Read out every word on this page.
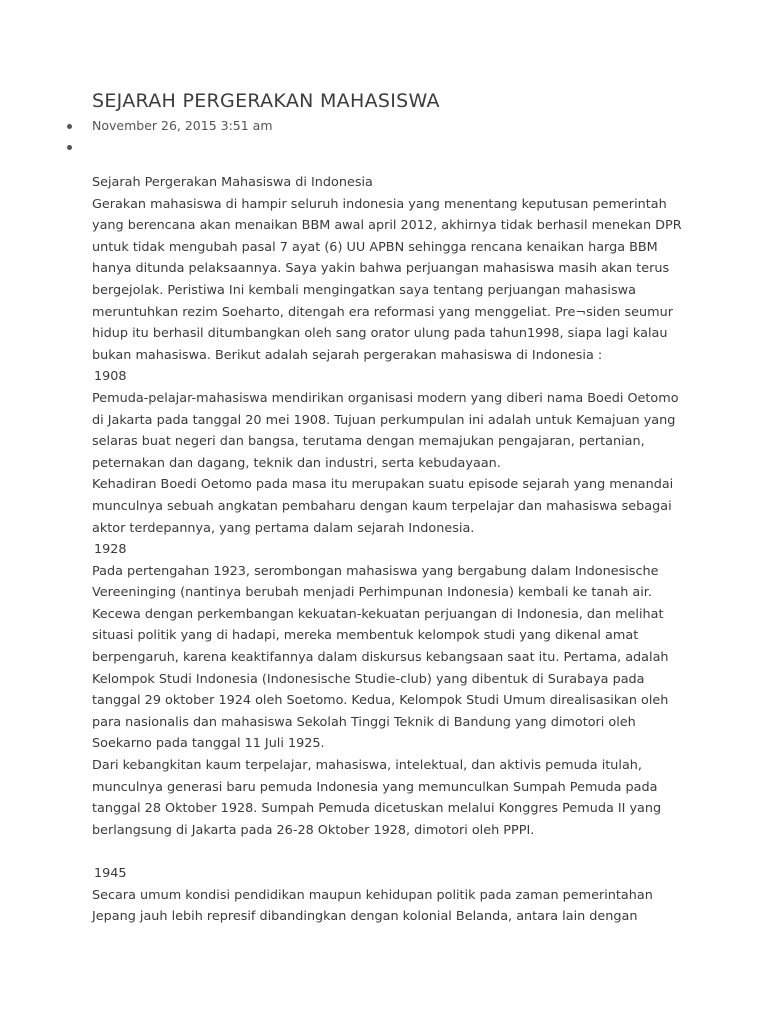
SEJARAH PERGERAKAN MAHASISWA
November 26, 2015 3:51 am
Sejarah Pergerakan Mahasiswa di Indonesia
Gerakan mahasiswa di hampir seluruh indonesia yang menentang keputusan pemerintah
yang berencana akan menaikan BBM awal april 2012, akhirnya tidak berhasil menekan DPR
untuk tidak mengubah pasal 7 ayat (6) UU APBN sehingga rencana kenaikan harga BBM
hanya ditunda pelaksaannya. Saya yakin bahwa perjuangan mahasiswa masih akan terus
bergejolak. Peristiwa Ini kembali mengingatkan saya tentang perjuangan mahasiswa
meruntuhkan rezim Soeharto, ditengah era reformasi yang menggeliat. Pre¬siden seumur
hidup itu berhasil ditumbangkan oleh sang orator ulung pada tahun1998, siapa lagi kalau
bukan mahasiswa. Berikut adalah sejarah pergerakan mahasiswa di Indonesia :
1908
Pemuda-pelajar-mahasiswa mendirikan organisasi modern yang diberi nama Boedi Oetomo
di Jakarta pada tanggal 20 mei 1908. Tujuan perkumpulan ini adalah untuk Kemajuan yang
selaras buat negeri dan bangsa, terutama dengan memajukan pengajaran, pertanian,
peternakan dan dagang, teknik dan industri, serta kebudayaan.
Kehadiran Boedi Oetomo pada masa itu merupakan suatu episode sejarah yang menandai
munculnya sebuah angkatan pembaharu dengan kaum terpelajar dan mahasiswa sebagai
aktor terdepannya, yang pertama dalam sejarah Indonesia.
1928
Pada pertengahan 1923, serombongan mahasiswa yang bergabung dalam Indonesische
Vereeninging (nantinya berubah menjadi Perhimpunan Indonesia) kembali ke tanah air.
Kecewa dengan perkembangan kekuatan-kekuatan perjuangan di Indonesia, dan melihat
situasi politik yang di hadapi, mereka membentuk kelompok studi yang dikenal amat
berpengaruh, karena keaktifannya dalam diskursus kebangsaan saat itu. Pertama, adalah
Kelompok Studi Indonesia (Indonesische Studie-club) yang dibentuk di Surabaya pada
tanggal 29 oktober 1924 oleh Soetomo. Kedua, Kelompok Studi Umum direalisasikan oleh
para nasionalis dan mahasiswa Sekolah Tinggi Teknik di Bandung yang dimotori oleh
Soekarno pada tanggal 11 Juli 1925.
Dari kebangkitan kaum terpelajar, mahasiswa, intelektual, dan aktivis pemuda itulah,
munculnya generasi baru pemuda Indonesia yang memunculkan Sumpah Pemuda pada
tanggal 28 Oktober 1928. Sumpah Pemuda dicetuskan melalui Konggres Pemuda II yang
berlangsung di Jakarta pada 26-28 Oktober 1928, dimotori oleh PPPI.
1945
Secara umum kondisi pendidikan maupun kehidupan politik pada zaman pemerintahan
Jepang jauh lebih represif dibandingkan dengan kolonial Belanda, antara lain dengan
